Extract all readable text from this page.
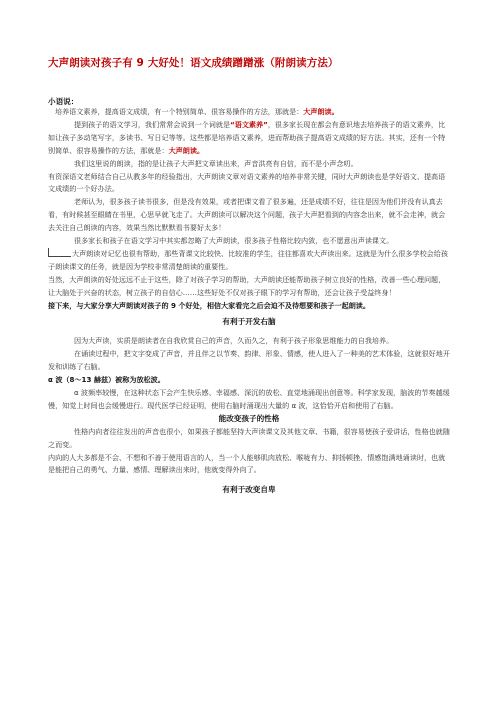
大声朗读对孩子有 9 大好处！语文成绩蹭蹭涨（附朗读方法）
小语说：

培养语文素养，提高语文成绩，有一个特别简单、很容易操作的方法，那就是：大声朗读。

提到孩子的语文学习，我们常常会说到一个词就是“语文素养”，很多家长现在都会有意识地去培养孩子的语文素养，比如让孩子多动笔写字，多读书、写日记等等。这些都是培养语文素养，进而帮助孩子提高语文成绩的好方法。其实，还有一个特别简单、很容易操作的方法，那就是：大声朗读。

我们这里说的朗读，指的是让孩子大声把文章读出来，声音洪亮有自信，而不是小声念叨。

有资深语文老师结合自己从教多年的经验指出，大声朗读文章对语文素养的培养非常关键，同时大声朗读也是学好语文、提高语文成绩的一个好办法。

老师认为，很多孩子读书很多，但是没有效果，或者把课文看了很多遍，还是成绩不好，往往是因为他们并没有认真去看，有时候甚至眼睛在书里，心思早就飞走了。大声朗读可以解决这个问题，孩子大声把看到的内容念出来，就不会走神，就会去关注自己朗读的内容，效果当然比默默看书要好太多！

很多家长和孩子在语文学习中其实都忽略了大声朗读，很多孩子性格比较内敛，也不愿意出声读课文。

大声朗读对记忆也很有帮助，那些背课文比较快、比较准的学生，往往都喜欢大声读出来。这就是为什么很多学校会给孩子朗读课文的任务，就是因为学校非常清楚朗读的重要性。

当然，大声朗读的好处远远不止于这些，除了对孩子学习的帮助，大声朗读还能帮助孩子树立良好的性格，改善一些心理问题，让大脑处于兴奋的状态，树立孩子的自信心……这些好处不仅对孩子眼下的学习有帮助，还会让孩子受益终身！

接下来，与大家分享大声朗读对孩子的 9 个好处，相信大家看完之后会迫不及待想要和孩子一起朗读。

有利于开发右脑

因为大声读，实质是朗读者在自我欣赏自己的声音，久而久之，有利于孩子形象思维能力的自我培养。

在诵读过程中，把文字变成了声音，并且伴之以节奏、韵律、形象、情感，使人进入了一种美的艺术体验，这就很好地开发和训练了右脑。

α 波（8～13 赫兹）被称为放松波。

α 波频率较慢，在这种状态下会产生快乐感、幸福感、深沉的放松、直觉地涌现出创意等。科学家发现，脑波的节奏越缓慢，知觉上时间也会缓慢进行。现代医学已经证明，使用右脑时涌现出大量的 α 波，这恰恰开启和使用了右脑。

能改变孩子的性格

性格内向者往往发出的声音也很小，如果孩子都能坚持大声读课文及其他文章、书籍，很容易使孩子爱讲话，性格也就随之而变。

内向的人大多都是不会、不想和不善于使用语言的人，当一个人能够肌肉放松、喉咙有力、抑扬顿挫、情感饱满地诵读时，也就是能把自己的勇气、力量、感情、理解读出来时，他就变得外向了。

有利于改变自卑
